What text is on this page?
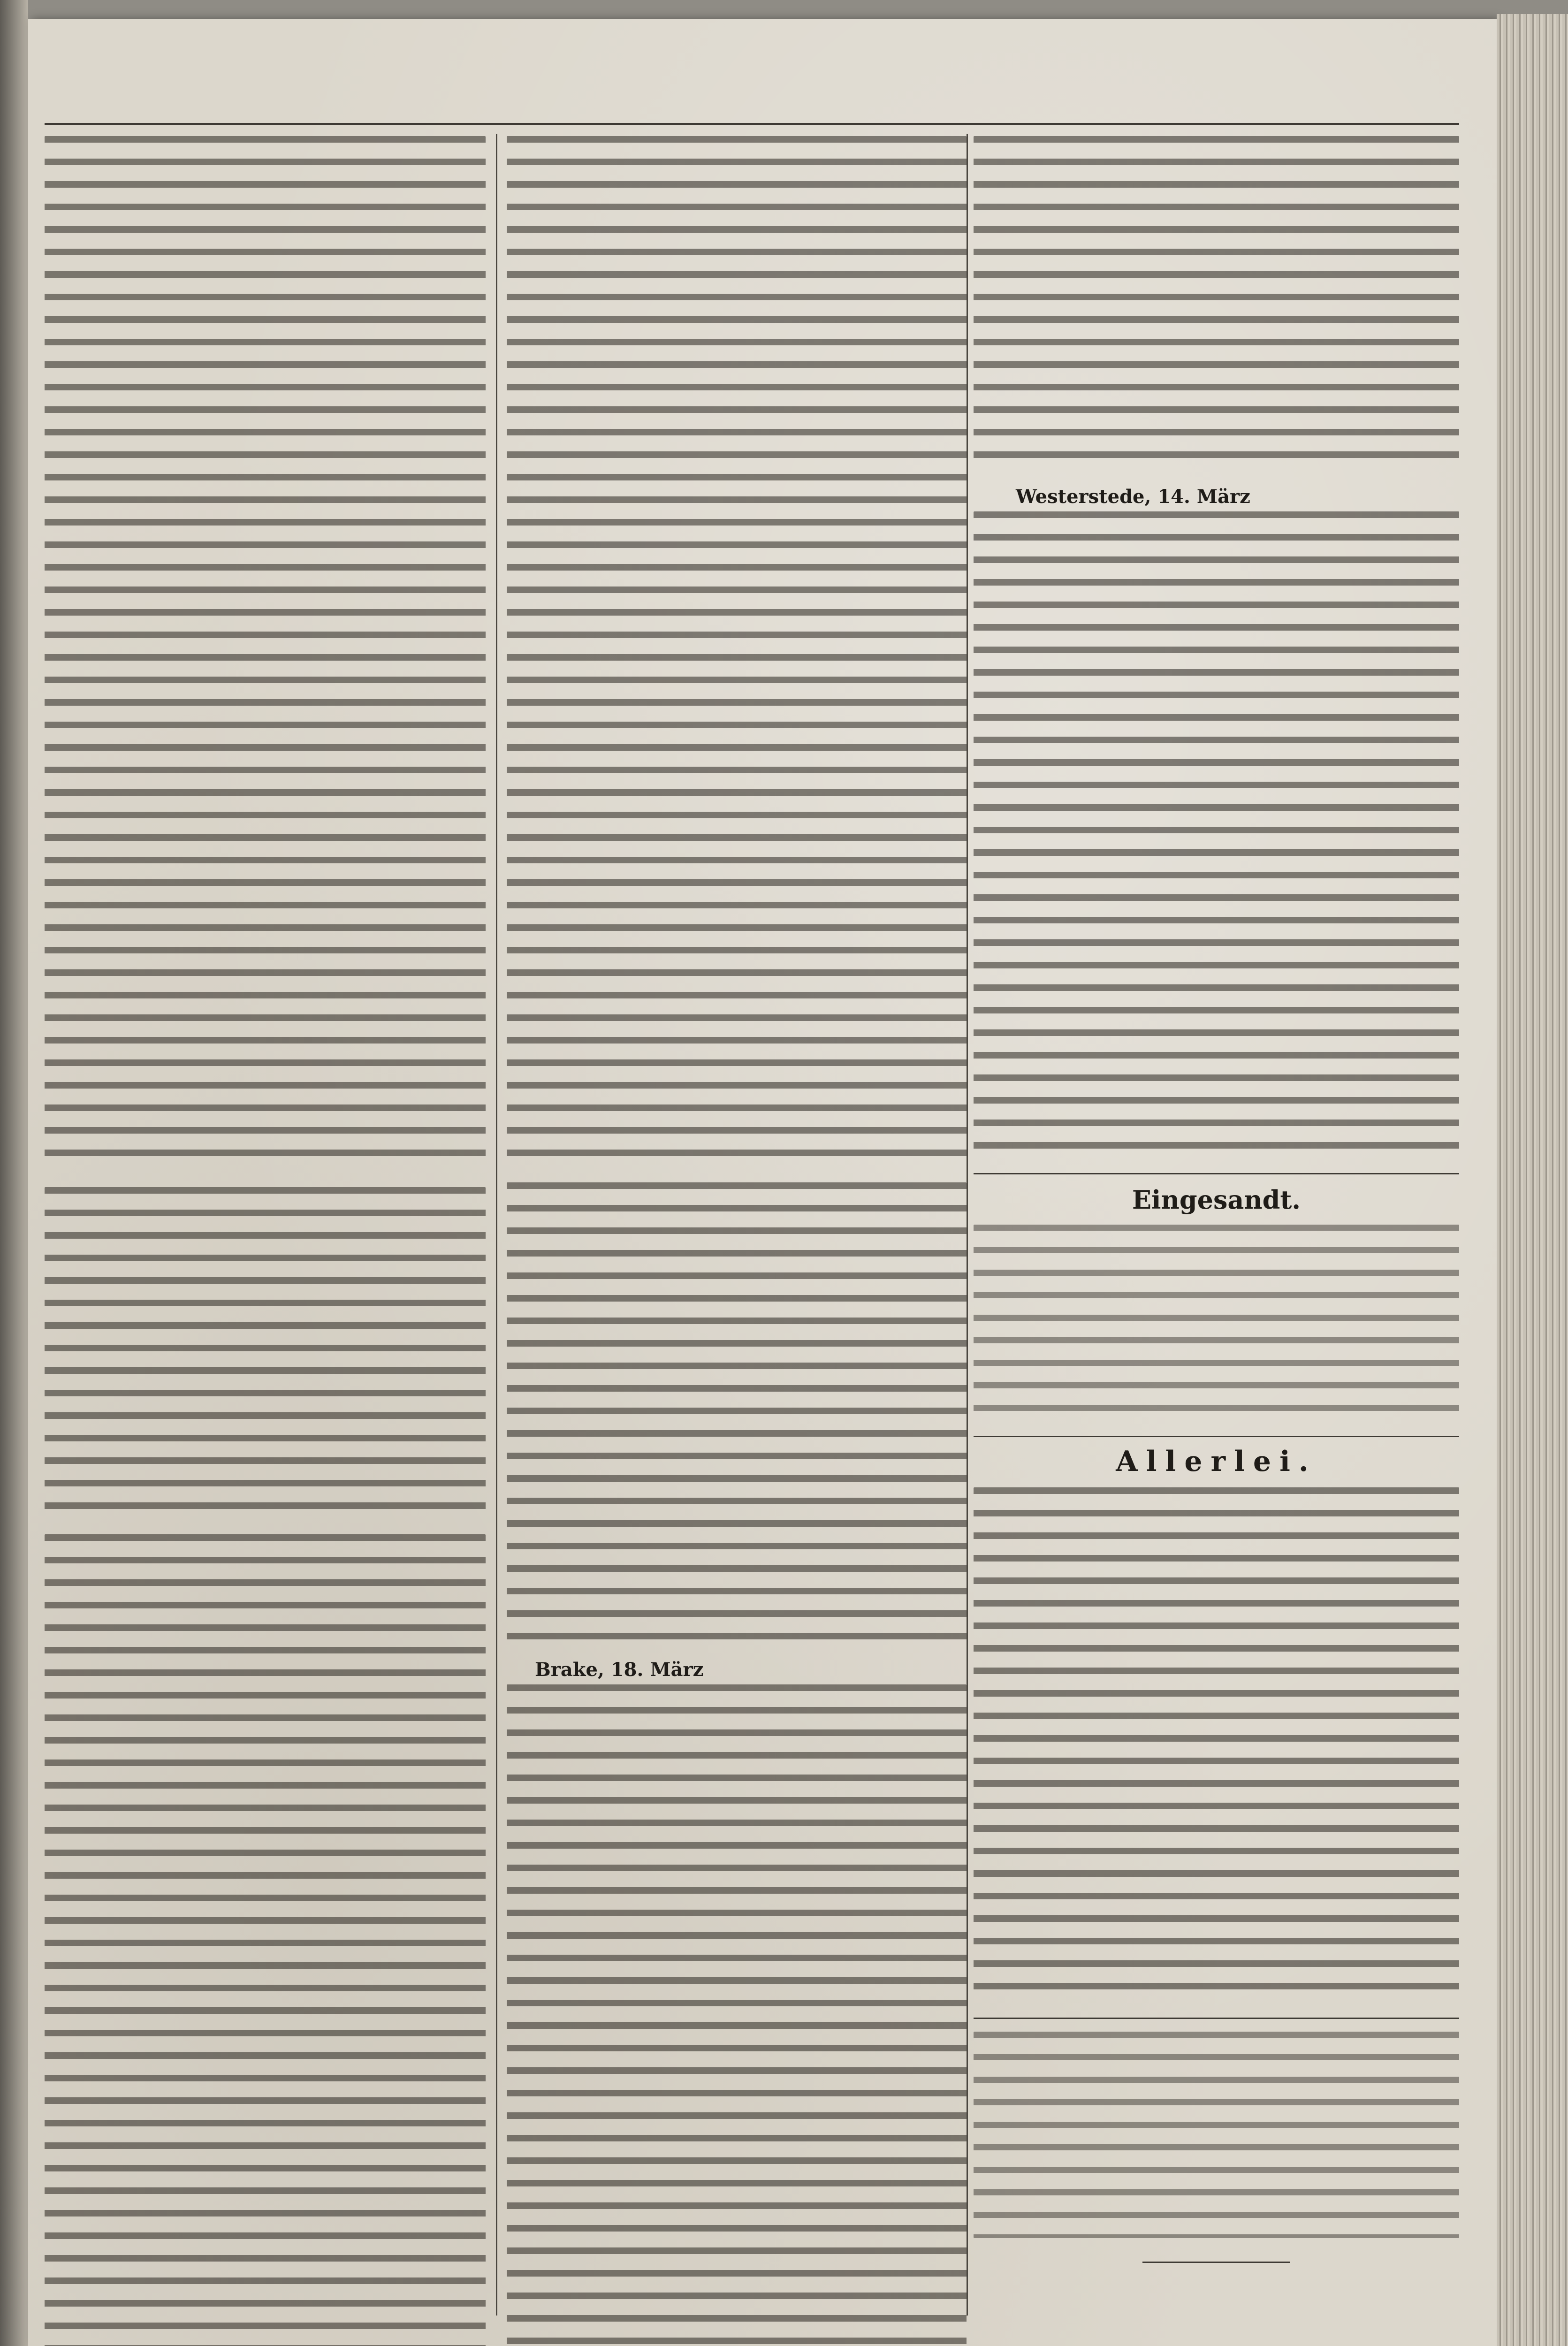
Brake, 18. März
Westerstede, 14. März
Eingesandt.
Allerlei.
